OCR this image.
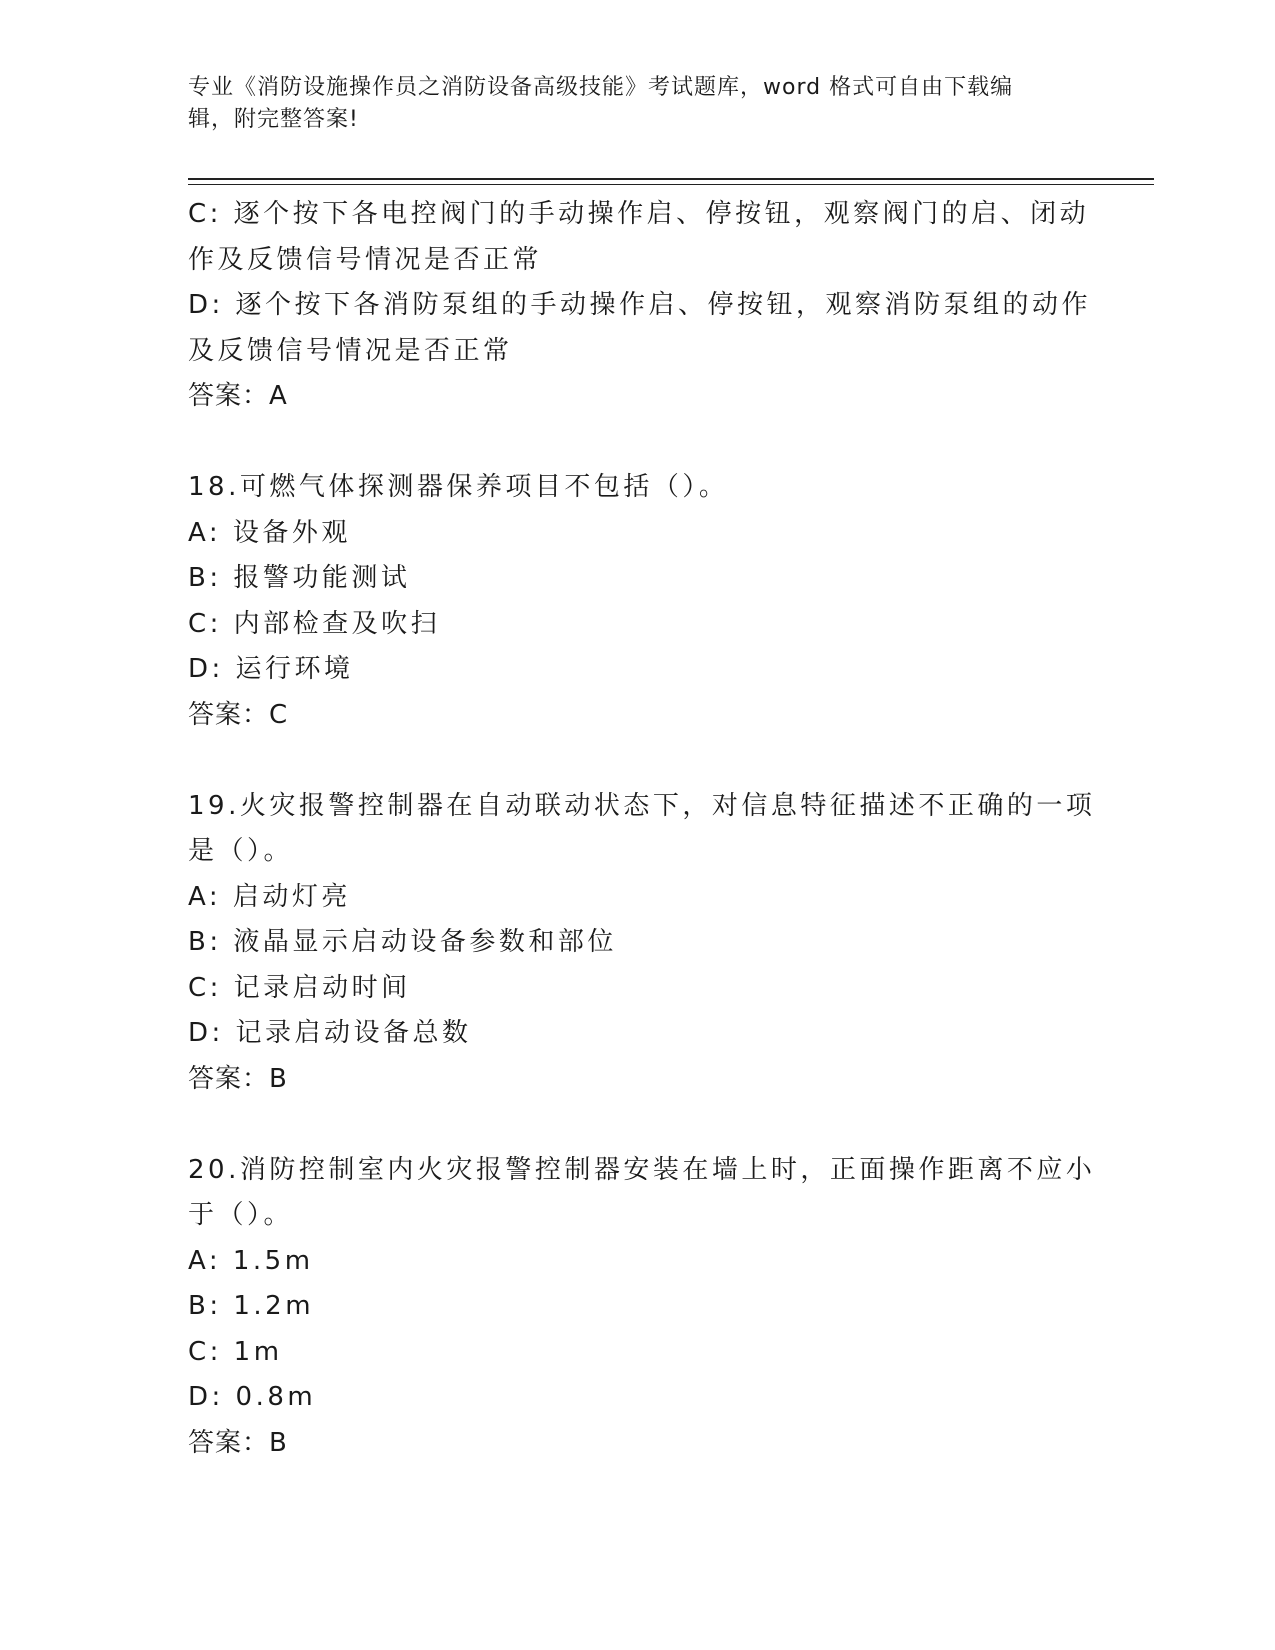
专业《消防设施操作员之消防设备高级技能》考试题库，word 格式可自由下载编
辑，附完整答案!
C: 逐个按下各电控阀门的手动操作启、停按钮，观察阀门的启、闭动
作及反馈信号情况是否正常
D: 逐个按下各消防泵组的手动操作启、停按钮，观察消防泵组的动作
及反馈信号情况是否正常
答案：A
18.可燃气体探测器保养项目不包括（）。
A: 设备外观
B: 报警功能测试
C: 内部检查及吹扫
D: 运行环境
答案：C
19.火灾报警控制器在自动联动状态下，对信息特征描述不正确的一项
是（）。
A: 启动灯亮
B: 液晶显示启动设备参数和部位
C: 记录启动时间
D: 记录启动设备总数
答案：B
20.消防控制室内火灾报警控制器安装在墙上时，正面操作距离不应小
于（）。
A: 1.5m
B: 1.2m
C: 1m
D: 0.8m
答案：B
